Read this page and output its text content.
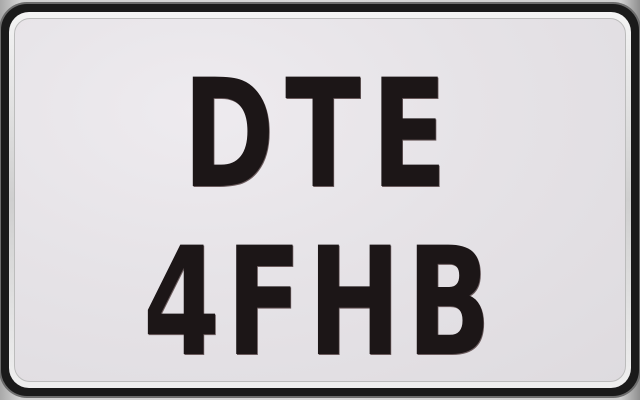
DTE
4FHB
